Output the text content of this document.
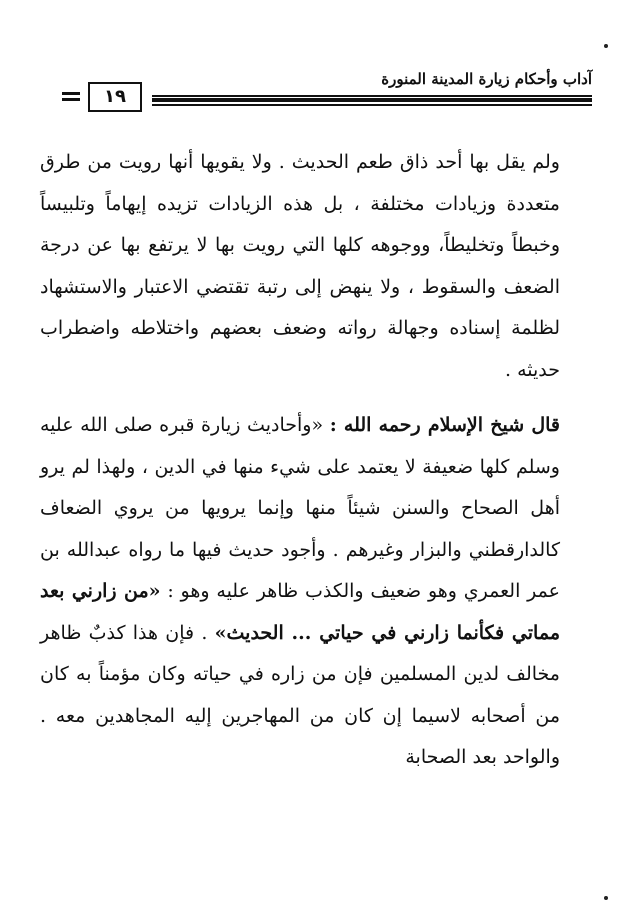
آداب وأحكام زيارة المدينة المنورة
١٩

ولم يقل بها أحد ذاق طعم الحديث . ولا يقويها أنها رويت من طرق متعددة وزيادات مختلفة ، بل هذه الزيادات تزيده إيهاماً وتلبيساً وخبطاً وتخليطاً، ووجوهه كلها التي رويت بها لا يرتفع بها عن درجة الضعف والسقوط ، ولا ينهض إلى رتبة تقتضي الاعتبار والاستشهاد لظلمة إسناده وجهالة رواته وضعف بعضهم واختلاطه واضطراب حديثه .

قال شيخ الإسلام رحمه الله : «وأحاديث زيارة قبره صلى الله عليه وسلم كلها ضعيفة لا يعتمد على شيء منها في الدين ، ولهذا لم يرو أهل الصحاح والسنن شيئاً منها وإنما يرويها من يروي الضعاف كالدارقطني والبزار وغيرهم . وأجود حديث فيها ما رواه عبدالله بن عمر العمري وهو ضعيف والكذب ظاهر عليه وهو : «من زارني بعد مماتي فكأنما زارني في حياتي ... الحديث» . فإن هذا كذبٌ ظاهر مخالف لدين المسلمين فإن من زاره في حياته وكان مؤمناً به كان من أصحابه لاسيما إن كان من المهاجرين إليه المجاهدين معه . والواحد بعد الصحابة
